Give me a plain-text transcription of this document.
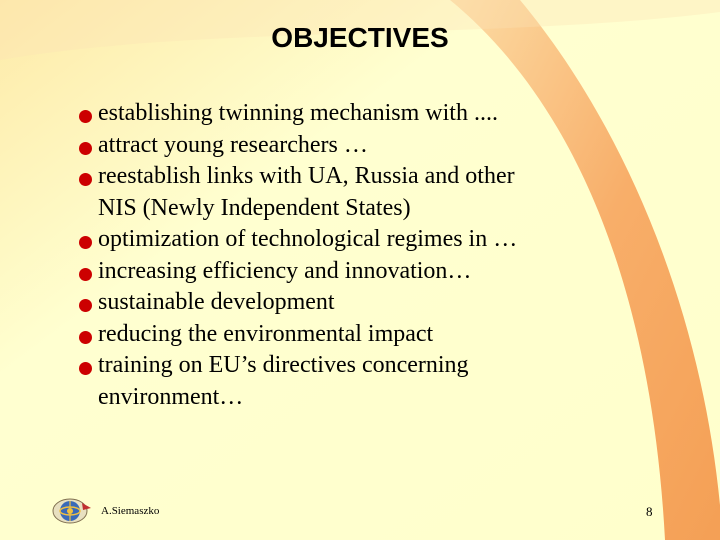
OBJECTIVES
establishing twinning mechanism with ....
attract young researchers …
reestablish links with UA, Russia and other
NIS (Newly Independent States)
optimization of technological regimes in …
increasing efficiency and innovation…
sustainable development
reducing the environmental impact
training on EU’s directives concerning
environment…
A.Siemaszko	8
